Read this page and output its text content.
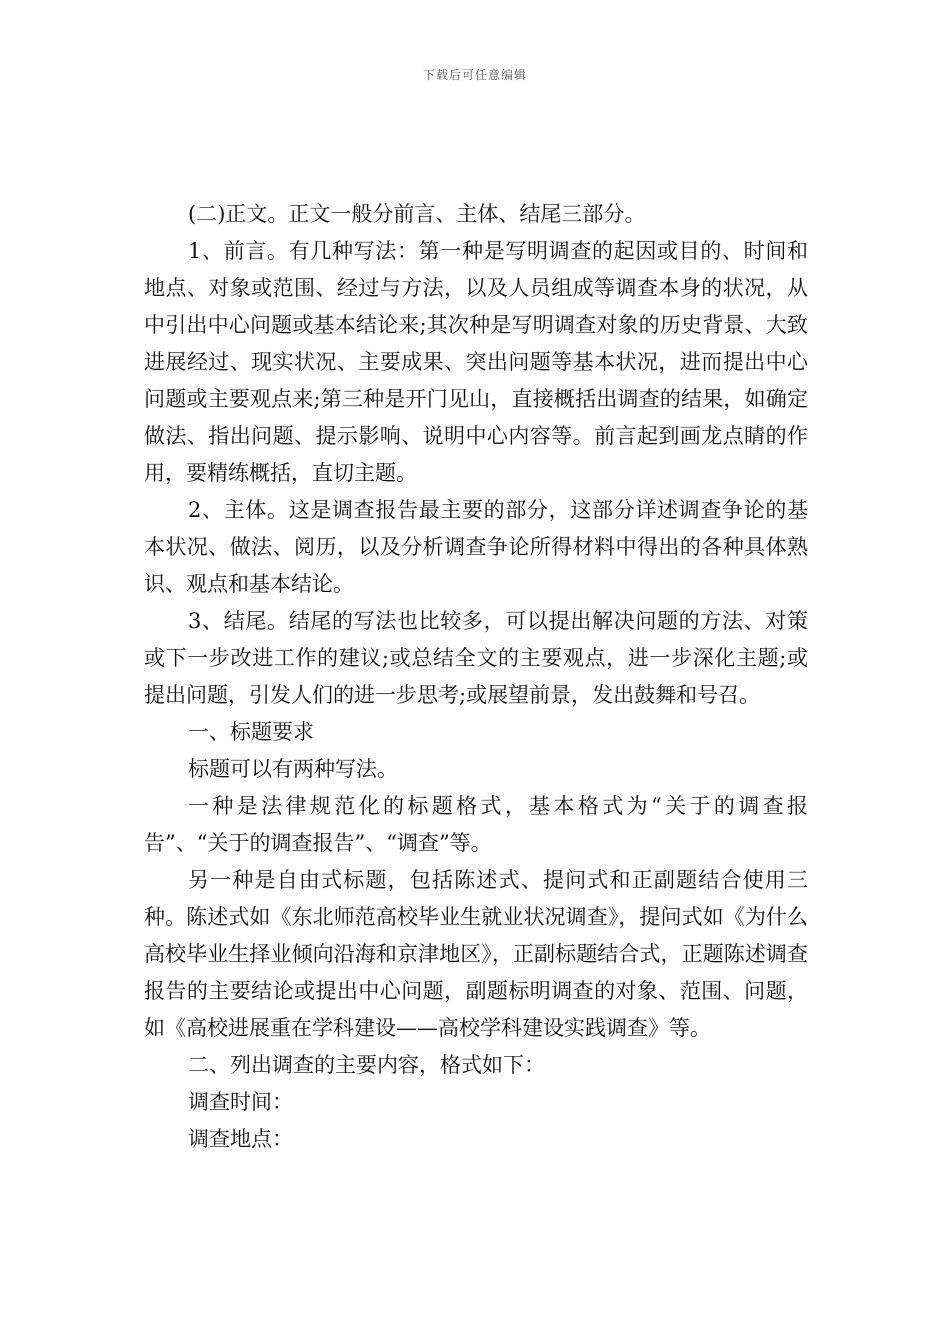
下载后可任意编辑

(二)正文。正文一般分前言、主体、结尾三部分。

1、前言。有几种写法：第一种是写明调查的起因或目的、时间和地点、对象或范围、经过与方法，以及人员组成等调查本身的状况，从中引出中心问题或基本结论来;其次种是写明调查对象的历史背景、大致进展经过、现实状况、主要成果、突出问题等基本状况，进而提出中心问题或主要观点来;第三种是开门见山，直接概括出调查的结果，如确定做法、指出问题、提示影响、说明中心内容等。前言起到画龙点睛的作用，要精练概括，直切主题。

2、主体。这是调查报告最主要的部分，这部分详述调查争论的基本状况、做法、阅历，以及分析调查争论所得材料中得出的各种具体熟识、观点和基本结论。

3、结尾。结尾的写法也比较多，可以提出解决问题的方法、对策或下一步改进工作的建议;或总结全文的主要观点，进一步深化主题;或提出问题，引发人们的进一步思考;或展望前景，发出鼓舞和号召。

一、标题要求

标题可以有两种写法。

一种是法律规范化的标题格式，基本格式为“关于的调查报告”、“关于的调查报告”、“调查”等。

另一种是自由式标题，包括陈述式、提问式和正副题结合使用三种。陈述式如《东北师范高校毕业生就业状况调查》，提问式如《为什么高校毕业生择业倾向沿海和京津地区》，正副标题结合式，正题陈述调查报告的主要结论或提出中心问题，副题标明调查的对象、范围、问题，如《高校进展重在学科建设——高校学科建设实践调查》等。

二、列出调查的主要内容，格式如下：

调查时间：

调查地点：
